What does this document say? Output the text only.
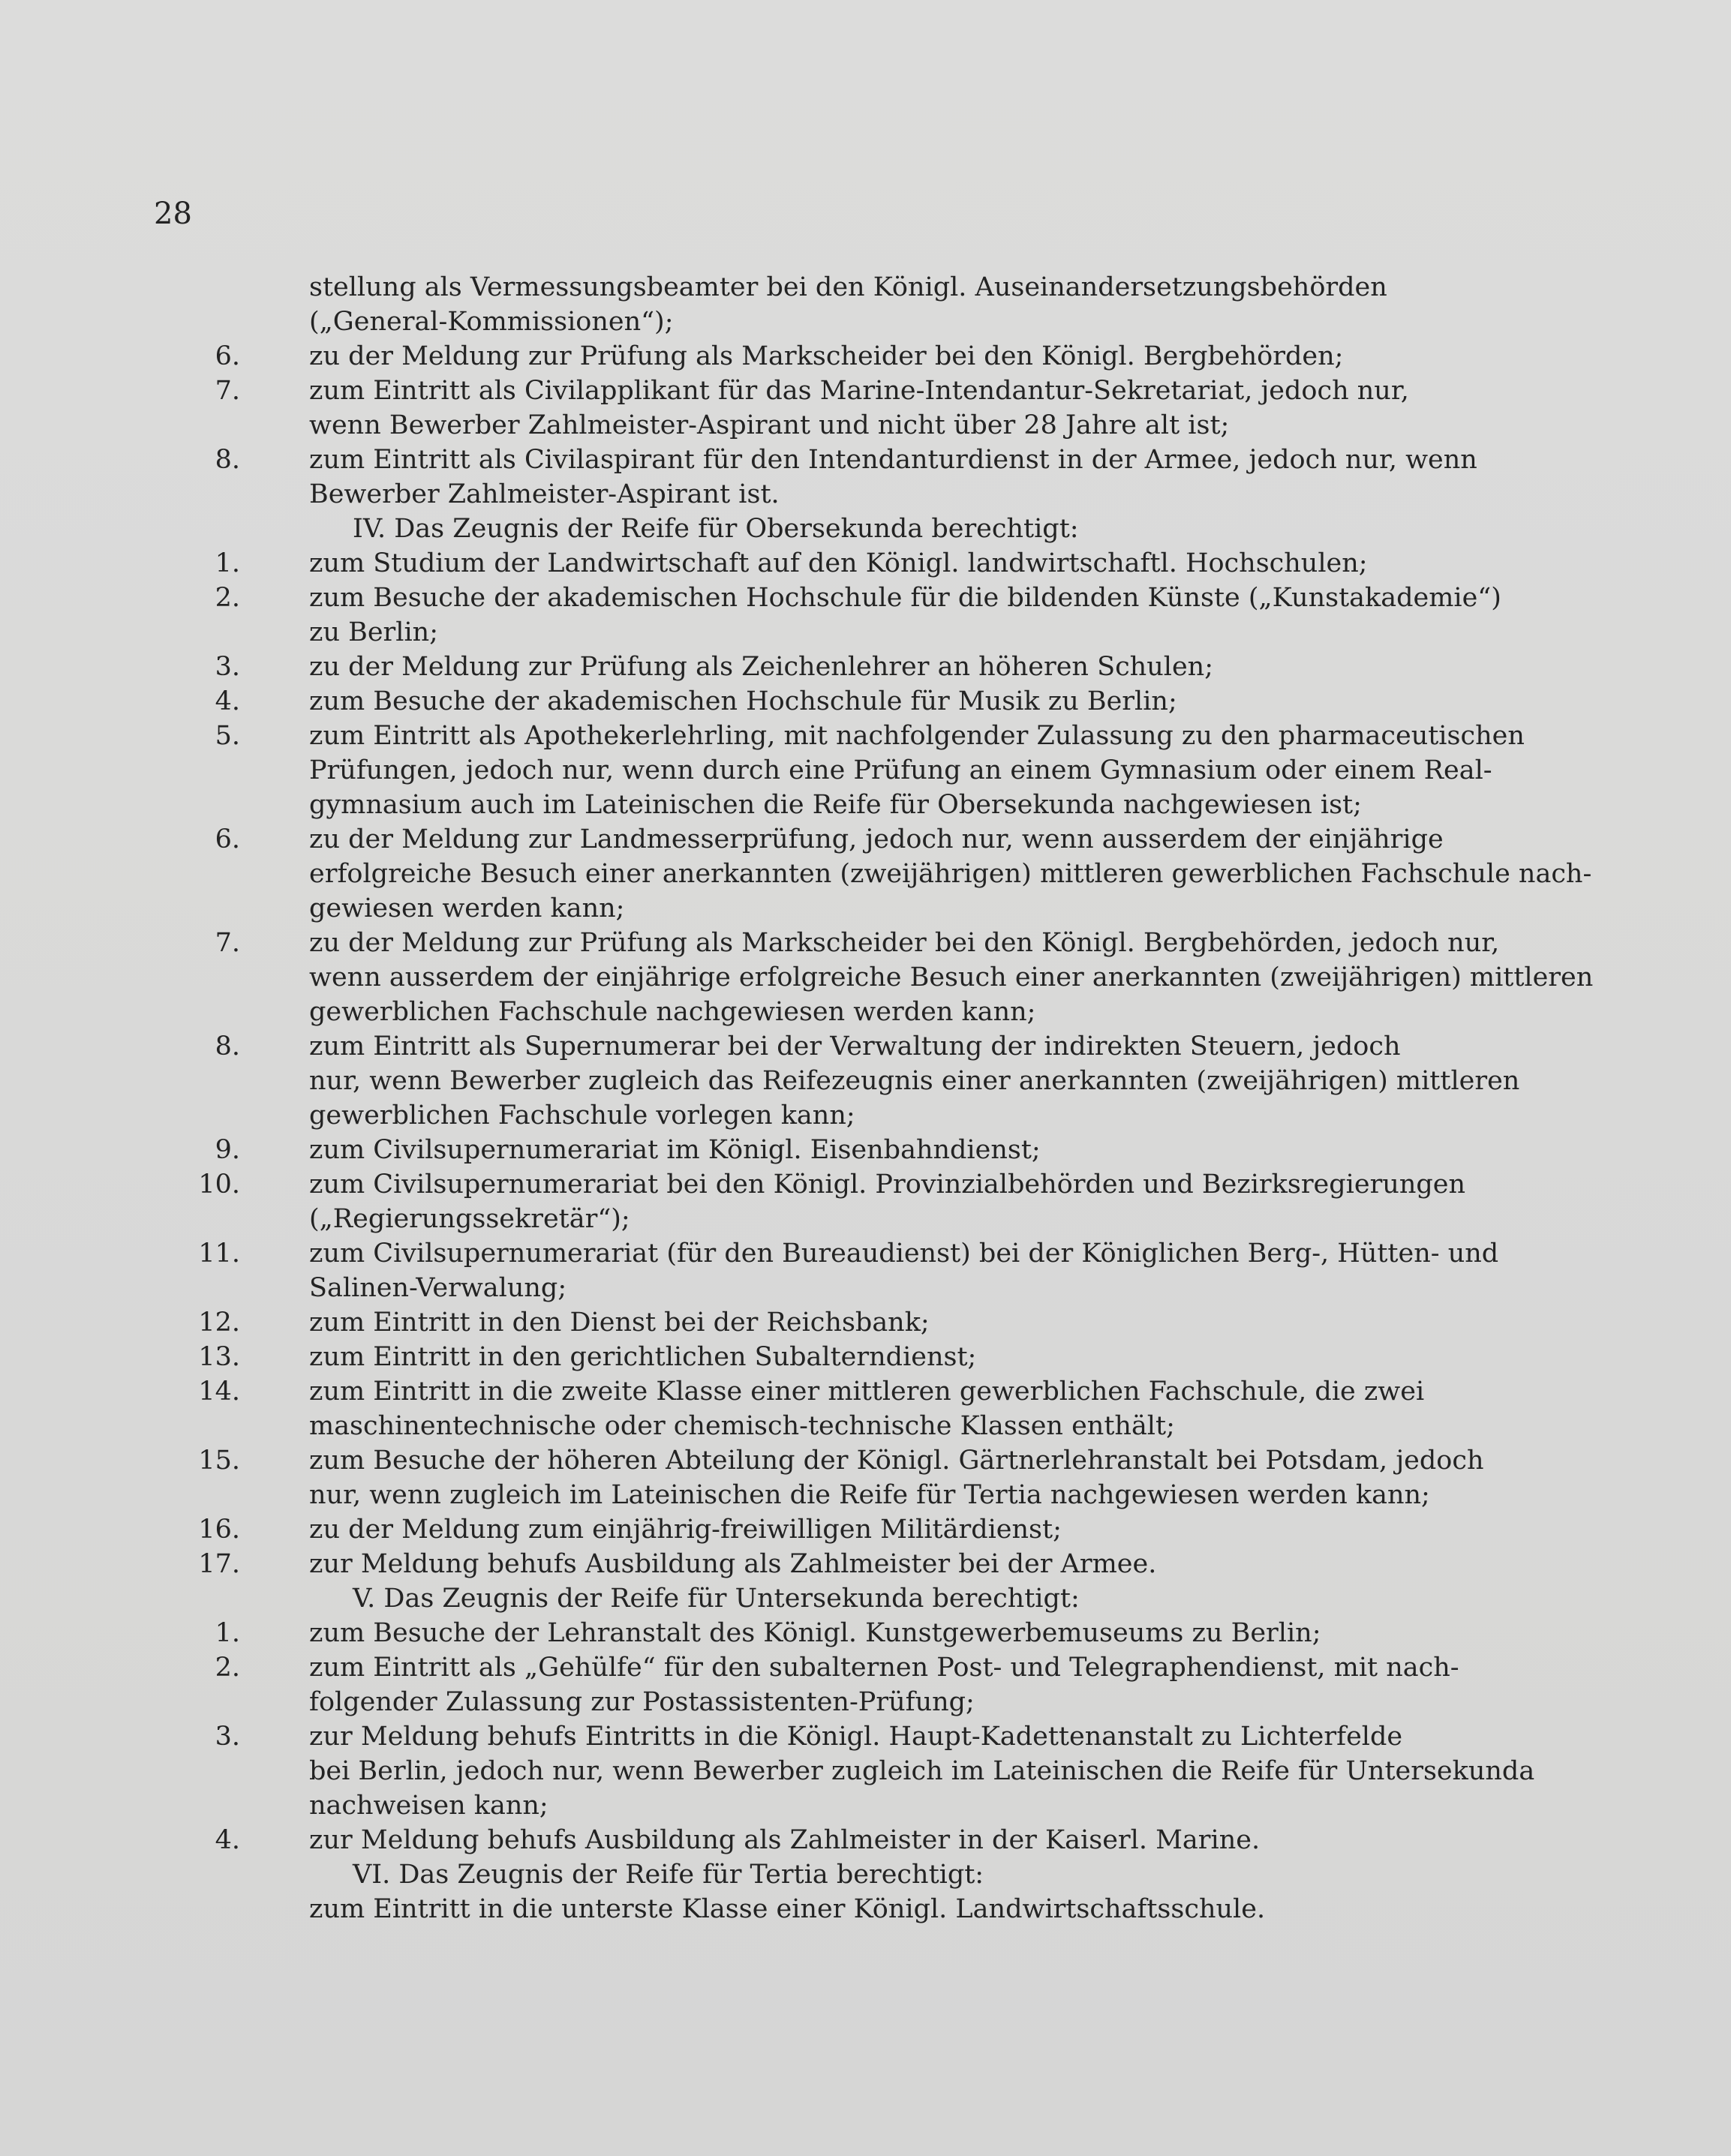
28
stellung als Vermessungsbeamter bei den Königl. Auseinandersetzungsbehörden
(„General-Kommissionen“);
6.	zu der Meldung zur Prüfung als Markscheider bei den Königl. Bergbehörden;
7.	zum Eintritt als Civilapplikant für das Marine-Intendantur-Sekretariat, jedoch nur,
wenn Bewerber Zahlmeister-Aspirant und nicht über 28 Jahre alt ist;
8.	zum Eintritt als Civilaspirant für den Intendanturdienst in der Armee, jedoch nur, wenn
Bewerber Zahlmeister-Aspirant ist.
IV. Das Zeugnis der Reife für Obersekunda berechtigt:
1.	zum Studium der Landwirtschaft auf den Königl. landwirtschaftl. Hochschulen;
2.	zum Besuche der akademischen Hochschule für die bildenden Künste („Kunstakademie“)
zu Berlin;
3.	zu der Meldung zur Prüfung als Zeichenlehrer an höheren Schulen;
4.	zum Besuche der akademischen Hochschule für Musik zu Berlin;
5.	zum Eintritt als Apothekerlehrling, mit nachfolgender Zulassung zu den pharmaceutischen
Prüfungen, jedoch nur, wenn durch eine Prüfung an einem Gymnasium oder einem Real-
gymnasium auch im Lateinischen die Reife für Obersekunda nachgewiesen ist;
6.	zu der Meldung zur Landmesserprüfung, jedoch nur, wenn ausserdem der einjährige
erfolgreiche Besuch einer anerkannten (zweijährigen) mittleren gewerblichen Fachschule nach-
gewiesen werden kann;
7.	zu der Meldung zur Prüfung als Markscheider bei den Königl. Bergbehörden, jedoch nur,
wenn ausserdem der einjährige erfolgreiche Besuch einer anerkannten (zweijährigen) mittleren
gewerblichen Fachschule nachgewiesen werden kann;
8.	zum Eintritt als Supernumerar bei der Verwaltung der indirekten Steuern, jedoch
nur, wenn Bewerber zugleich das Reifezeugnis einer anerkannten (zweijährigen) mittleren
gewerblichen Fachschule vorlegen kann;
9.	zum Civilsupernumerariat im Königl. Eisenbahndienst;
10.	zum Civilsupernumerariat bei den Königl. Provinzialbehörden und Bezirksregierungen
(„Regierungssekretär“);
11.	zum Civilsupernumerariat (für den Bureaudienst) bei der Königlichen Berg-, Hütten- und
Salinen-Verwalung;
12.	zum Eintritt in den Dienst bei der Reichsbank;
13.	zum Eintritt in den gerichtlichen Subalterndienst;
14.	zum Eintritt in die zweite Klasse einer mittleren gewerblichen Fachschule, die zwei
maschinentechnische oder chemisch-technische Klassen enthält;
15.	zum Besuche der höheren Abteilung der Königl. Gärtnerlehranstalt bei Potsdam, jedoch
nur, wenn zugleich im Lateinischen die Reife für Tertia nachgewiesen werden kann;
16.	zu der Meldung zum einjährig-freiwilligen Militärdienst;
17.	zur Meldung behufs Ausbildung als Zahlmeister bei der Armee.
V. Das Zeugnis der Reife für Untersekunda berechtigt:
1.	zum Besuche der Lehranstalt des Königl. Kunstgewerbemuseums zu Berlin;
2.	zum Eintritt als „Gehülfe“ für den subalternen Post- und Telegraphendienst, mit nach-
folgender Zulassung zur Postassistenten-Prüfung;
3.	zur Meldung behufs Eintritts in die Königl. Haupt-Kadettenanstalt zu Lichterfelde
bei Berlin, jedoch nur, wenn Bewerber zugleich im Lateinischen die Reife für Untersekunda
nachweisen kann;
4.	zur Meldung behufs Ausbildung als Zahlmeister in der Kaiserl. Marine.
VI. Das Zeugnis der Reife für Tertia berechtigt:
zum Eintritt in die unterste Klasse einer Königl. Landwirtschaftsschule.
